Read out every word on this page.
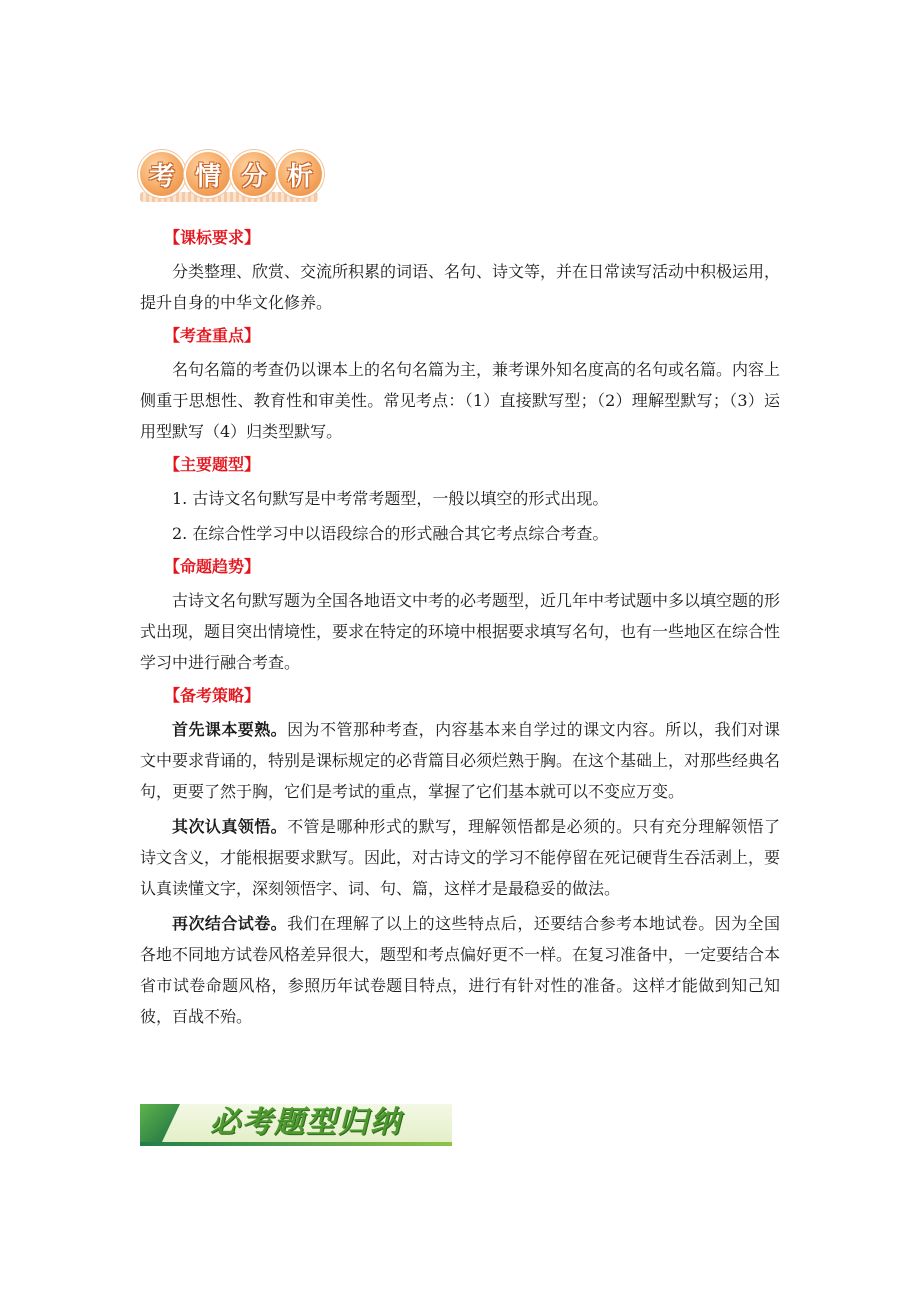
考 情 分 析
【课标要求】

分类整理、欣赏、交流所积累的词语、名句、诗文等，并在日常读写活动中积极运用，提升自身的中华文化修养。

【考查重点】

名句名篇的考查仍以课本上的名句名篇为主，兼考课外知名度高的名句或名篇。内容上侧重于思想性、教育性和审美性。常见考点：（1）直接默写型；（2）理解型默写；（3）运用型默写（4）归类型默写。

【主要题型】

1. 古诗文名句默写是中考常考题型，一般以填空的形式出现。

2. 在综合性学习中以语段综合的形式融合其它考点综合考查。

【命题趋势】

古诗文名句默写题为全国各地语文中考的必考题型，近几年中考试题中多以填空题的形式出现，题目突出情境性，要求在特定的环境中根据要求填写名句，也有一些地区在综合性学习中进行融合考查。

【备考策略】

首先课本要熟。因为不管那种考查，内容基本来自学过的课文内容。所以，我们对课文中要求背诵的，特别是课标规定的必背篇目必须烂熟于胸。在这个基础上，对那些经典名句，更要了然于胸，它们是考试的重点，掌握了它们基本就可以不变应万变。

其次认真领悟。不管是哪种形式的默写，理解领悟都是必须的。只有充分理解领悟了诗文含义，才能根据要求默写。因此，对古诗文的学习不能停留在死记硬背生吞活剥上，要认真读懂文字，深刻领悟字、词、句、篇，这样才是最稳妥的做法。

再次结合试卷。我们在理解了以上的这些特点后，还要结合参考本地试卷。因为全国各地不同地方试卷风格差异很大，题型和考点偏好更不一样。在复习准备中，一定要结合本省市试卷命题风格，参照历年试卷题目特点，进行有针对性的准备。这样才能做到知己知彼，百战不殆。

必考题型归纳
